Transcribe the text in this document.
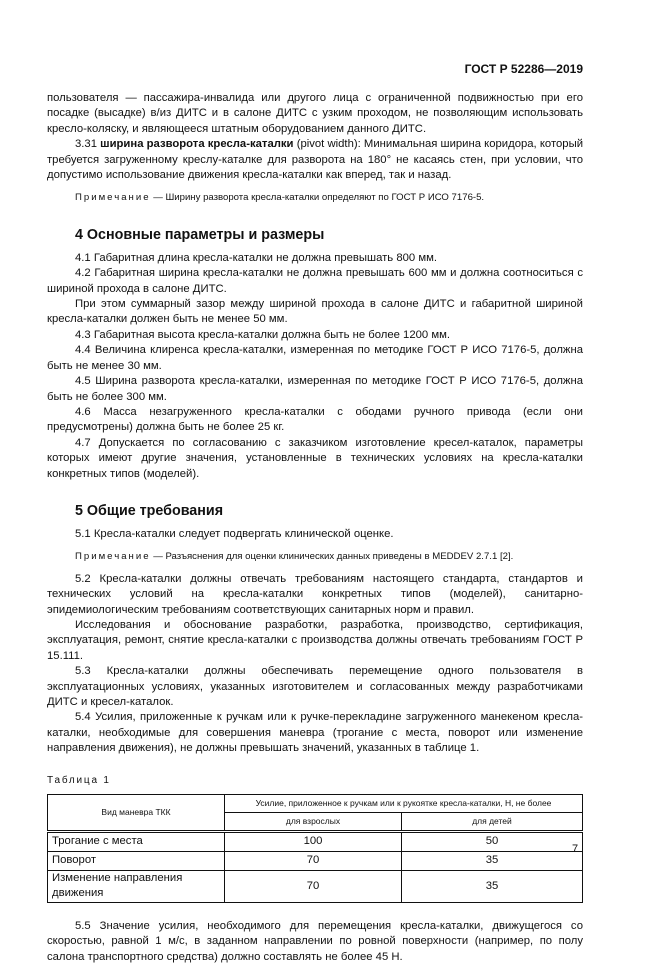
ГОСТ Р 52286—2019

пользователя — пассажира-инвалида или другого лица с ограниченной подвижностью при его посадке (высадке) в/из ДИТС и в салоне ДИТС с узким проходом, не позволяющим использовать кресло-коляску, и являющееся штатным оборудованием данного ДИТС.

3.31 ширина разворота кресла-каталки (pivot width): Минимальная ширина коридора, который требуется загруженному креслу-каталке для разворота на 180° не касаясь стен, при условии, что допустимо использование движения кресла-каталки как вперед, так и назад.

Примечание — Ширину разворота кресла-каталки определяют по ГОСТ Р ИСО 7176-5.

4 Основные параметры и размеры

4.1 Габаритная длина кресла-каталки не должна превышать 800 мм.

4.2 Габаритная ширина кресла-каталки не должна превышать 600 мм и должна соотноситься с шириной прохода в салоне ДИТС.

При этом суммарный зазор между шириной прохода в салоне ДИТС и габаритной шириной кресла-каталки должен быть не менее 50 мм.

4.3 Габаритная высота кресла-каталки должна быть не более 1200 мм.

4.4 Величина клиренса кресла-каталки, измеренная по методике ГОСТ Р ИСО 7176-5, должна быть не менее 30 мм.

4.5 Ширина разворота кресла-каталки, измеренная по методике ГОСТ Р ИСО 7176-5, должна быть не более 300 мм.

4.6 Масса незагруженного кресла-каталки с ободами ручного привода (если они предусмотрены) должна быть не более 25 кг.

4.7 Допускается по согласованию с заказчиком изготовление кресел-каталок, параметры которых имеют другие значения, установленные в технических условиях на кресла-каталки конкретных типов (моделей).

5 Общие требования

5.1 Кресла-каталки следует подвергать клинической оценке.

Примечание — Разъяснения для оценки клинических данных приведены в MEDDEV 2.7.1 [2].

5.2 Кресла-каталки должны отвечать требованиям настоящего стандарта, стандартов и технических условий на кресла-каталки конкретных типов (моделей), санитарно-эпидемиологическим требованиям соответствующих санитарных норм и правил.

Исследования и обоснование разработки, разработка, производство, сертификация, эксплуатация, ремонт, снятие кресла-каталки с производства должны отвечать требованиям ГОСТ Р 15.111.

5.3 Кресла-каталки должны обеспечивать перемещение одного пользователя в эксплуатационных условиях, указанных изготовителем и согласованных между разработчиками ДИТС и кресел-каталок.

5.4 Усилия, приложенные к ручкам или к ручке-перекладине загруженного манекеном кресла-каталки, необходимые для совершения маневра (трогание с места, поворот или изменение направления движения), не должны превышать значений, указанных в таблице 1.

Таблица 1
Вид маневра ТКК	Усилие, приложенное к ручкам или к рукоятке кресла-каталки, Н, не более	
	для взрослых	для детей
Трогание с места	100	50
Поворот	70	35
Изменение направления движения	70	35

5.5 Значение усилия, необходимого для перемещения кресла-каталки, движущегося со скоростью, равной 1 м/с, в заданном направлении по ровной поверхности (например, по полу салона транспортного средства) должно составлять не более 45 Н.

7
